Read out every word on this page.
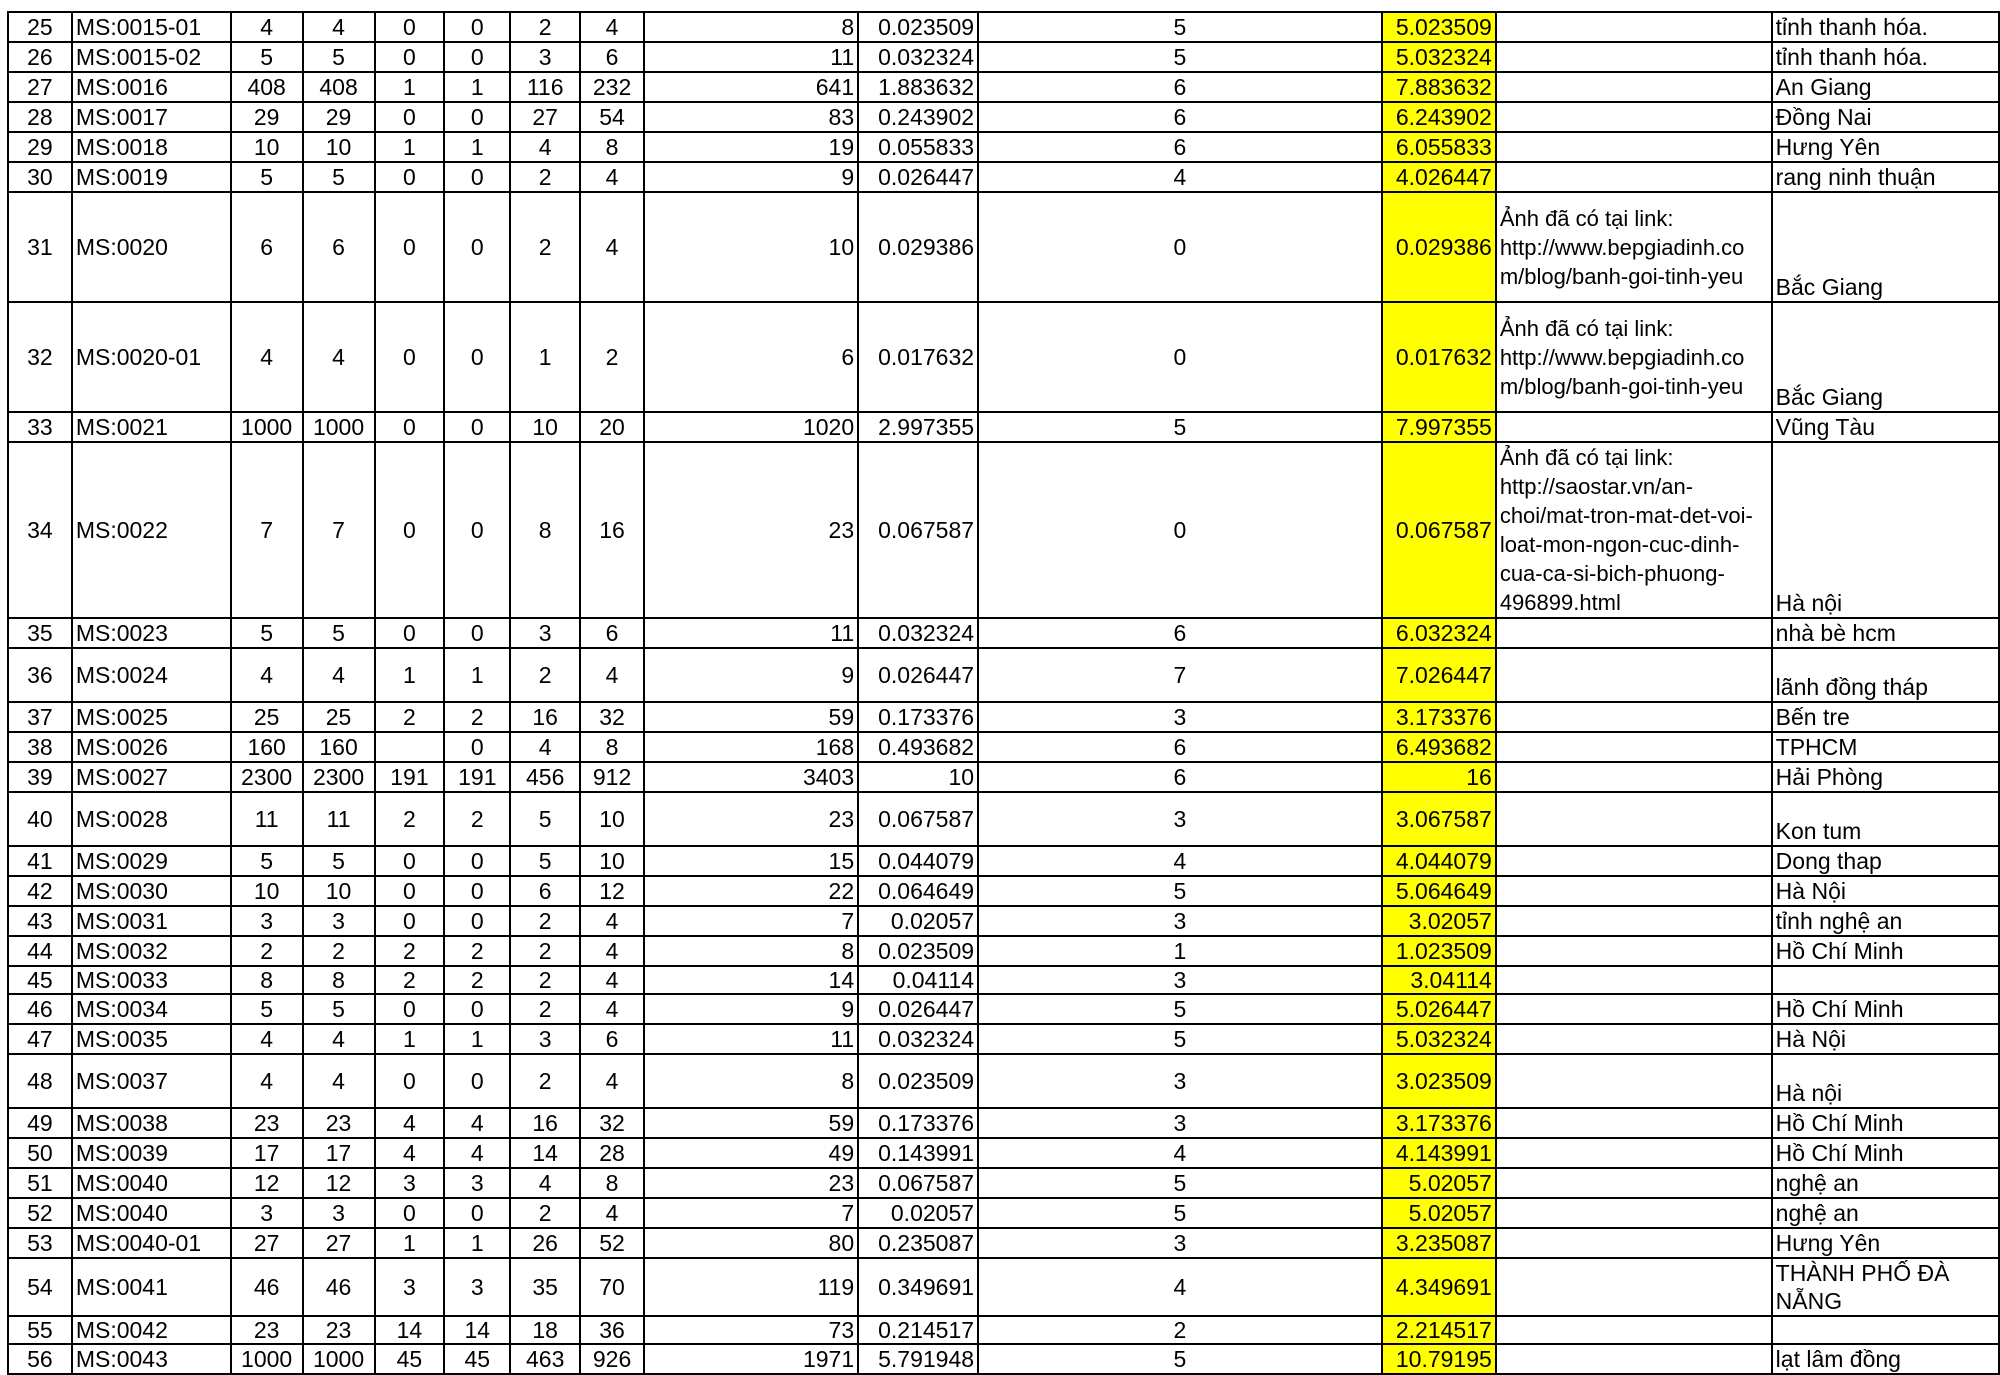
25	MS:0015-01	4	4	0	0	2	4	8	0.023509	5	5.023509		tỉnh thanh hóa.
26	MS:0015-02	5	5	0	0	3	6	11	0.032324	5	5.032324		tỉnh thanh hóa.
27	MS:0016	408	408	1	1	116	232	641	1.883632	6	7.883632		An Giang
28	MS:0017	29	29	0	0	27	54	83	0.243902	6	6.243902		Đồng Nai
29	MS:0018	10	10	1	1	4	8	19	0.055833	6	6.055833		Hưng Yên
30	MS:0019	5	5	0	0	2	4	9	0.026447	4	4.026447		rang ninh thuận
31	MS:0020	6	6	0	0	2	4	10	0.029386	0	0.029386	Ảnh đã có tại link: http://www.bepgiadinh.co m/blog/banh-goi-tinh-yeu	Bắc Giang
32	MS:0020-01	4	4	0	0	1	2	6	0.017632	0	0.017632	Ảnh đã có tại link: http://www.bepgiadinh.co m/blog/banh-goi-tinh-yeu	Bắc Giang
33	MS:0021	1000	1000	0	0	10	20	1020	2.997355	5	7.997355		Vũng Tàu
34	MS:0022	7	7	0	0	8	16	23	0.067587	0	0.067587	Ảnh đã có tại link: http://saostar.vn/an-choi/mat-tron-mat-det-voi-loat-mon-ngon-cuc-dinh-cua-ca-si-bich-phuong-496899.html	Hà nội
35	MS:0023	5	5	0	0	3	6	11	0.032324	6	6.032324		nhà bè hcm
36	MS:0024	4	4	1	1	2	4	9	0.026447	7	7.026447		lãnh đồng tháp
37	MS:0025	25	25	2	2	16	32	59	0.173376	3	3.173376		Bến tre
38	MS:0026	160	160		0	4	8	168	0.493682	6	6.493682		TPHCM
39	MS:0027	2300	2300	191	191	456	912	3403	10	6	16		Hải Phòng
40	MS:0028	11	11	2	2	5	10	23	0.067587	3	3.067587		Kon tum
41	MS:0029	5	5	0	0	5	10	15	0.044079	4	4.044079		Dong thap
42	MS:0030	10	10	0	0	6	12	22	0.064649	5	5.064649		Hà Nội
43	MS:0031	3	3	0	0	2	4	7	0.02057	3	3.02057		tỉnh nghệ an
44	MS:0032	2	2	2	2	2	4	8	0.023509	1	1.023509		Hồ Chí Minh
45	MS:0033	8	8	2	2	2	4	14	0.04114	3	3.04114		
46	MS:0034	5	5	0	0	2	4	9	0.026447	5	5.026447		Hồ Chí Minh
47	MS:0035	4	4	1	1	3	6	11	0.032324	5	5.032324		Hà Nội
48	MS:0037	4	4	0	0	2	4	8	0.023509	3	3.023509		Hà nội
49	MS:0038	23	23	4	4	16	32	59	0.173376	3	3.173376		Hồ Chí Minh
50	MS:0039	17	17	4	4	14	28	49	0.143991	4	4.143991		Hồ Chí Minh
51	MS:0040	12	12	3	3	4	8	23	0.067587	5	5.02057		nghệ an
52	MS:0040	3	3	0	0	2	4	7	0.02057	5	5.02057		nghệ an
53	MS:0040-01	27	27	1	1	26	52	80	0.235087	3	3.235087		Hưng Yên
54	MS:0041	46	46	3	3	35	70	119	0.349691	4	4.349691		THÀNH PHỐ ĐÀ NẴNG
55	MS:0042	23	23	14	14	18	36	73	0.214517	2	2.214517		
56	MS:0043	1000	1000	45	45	463	926	1971	5.791948	5	10.79195		lạt lâm đồng
